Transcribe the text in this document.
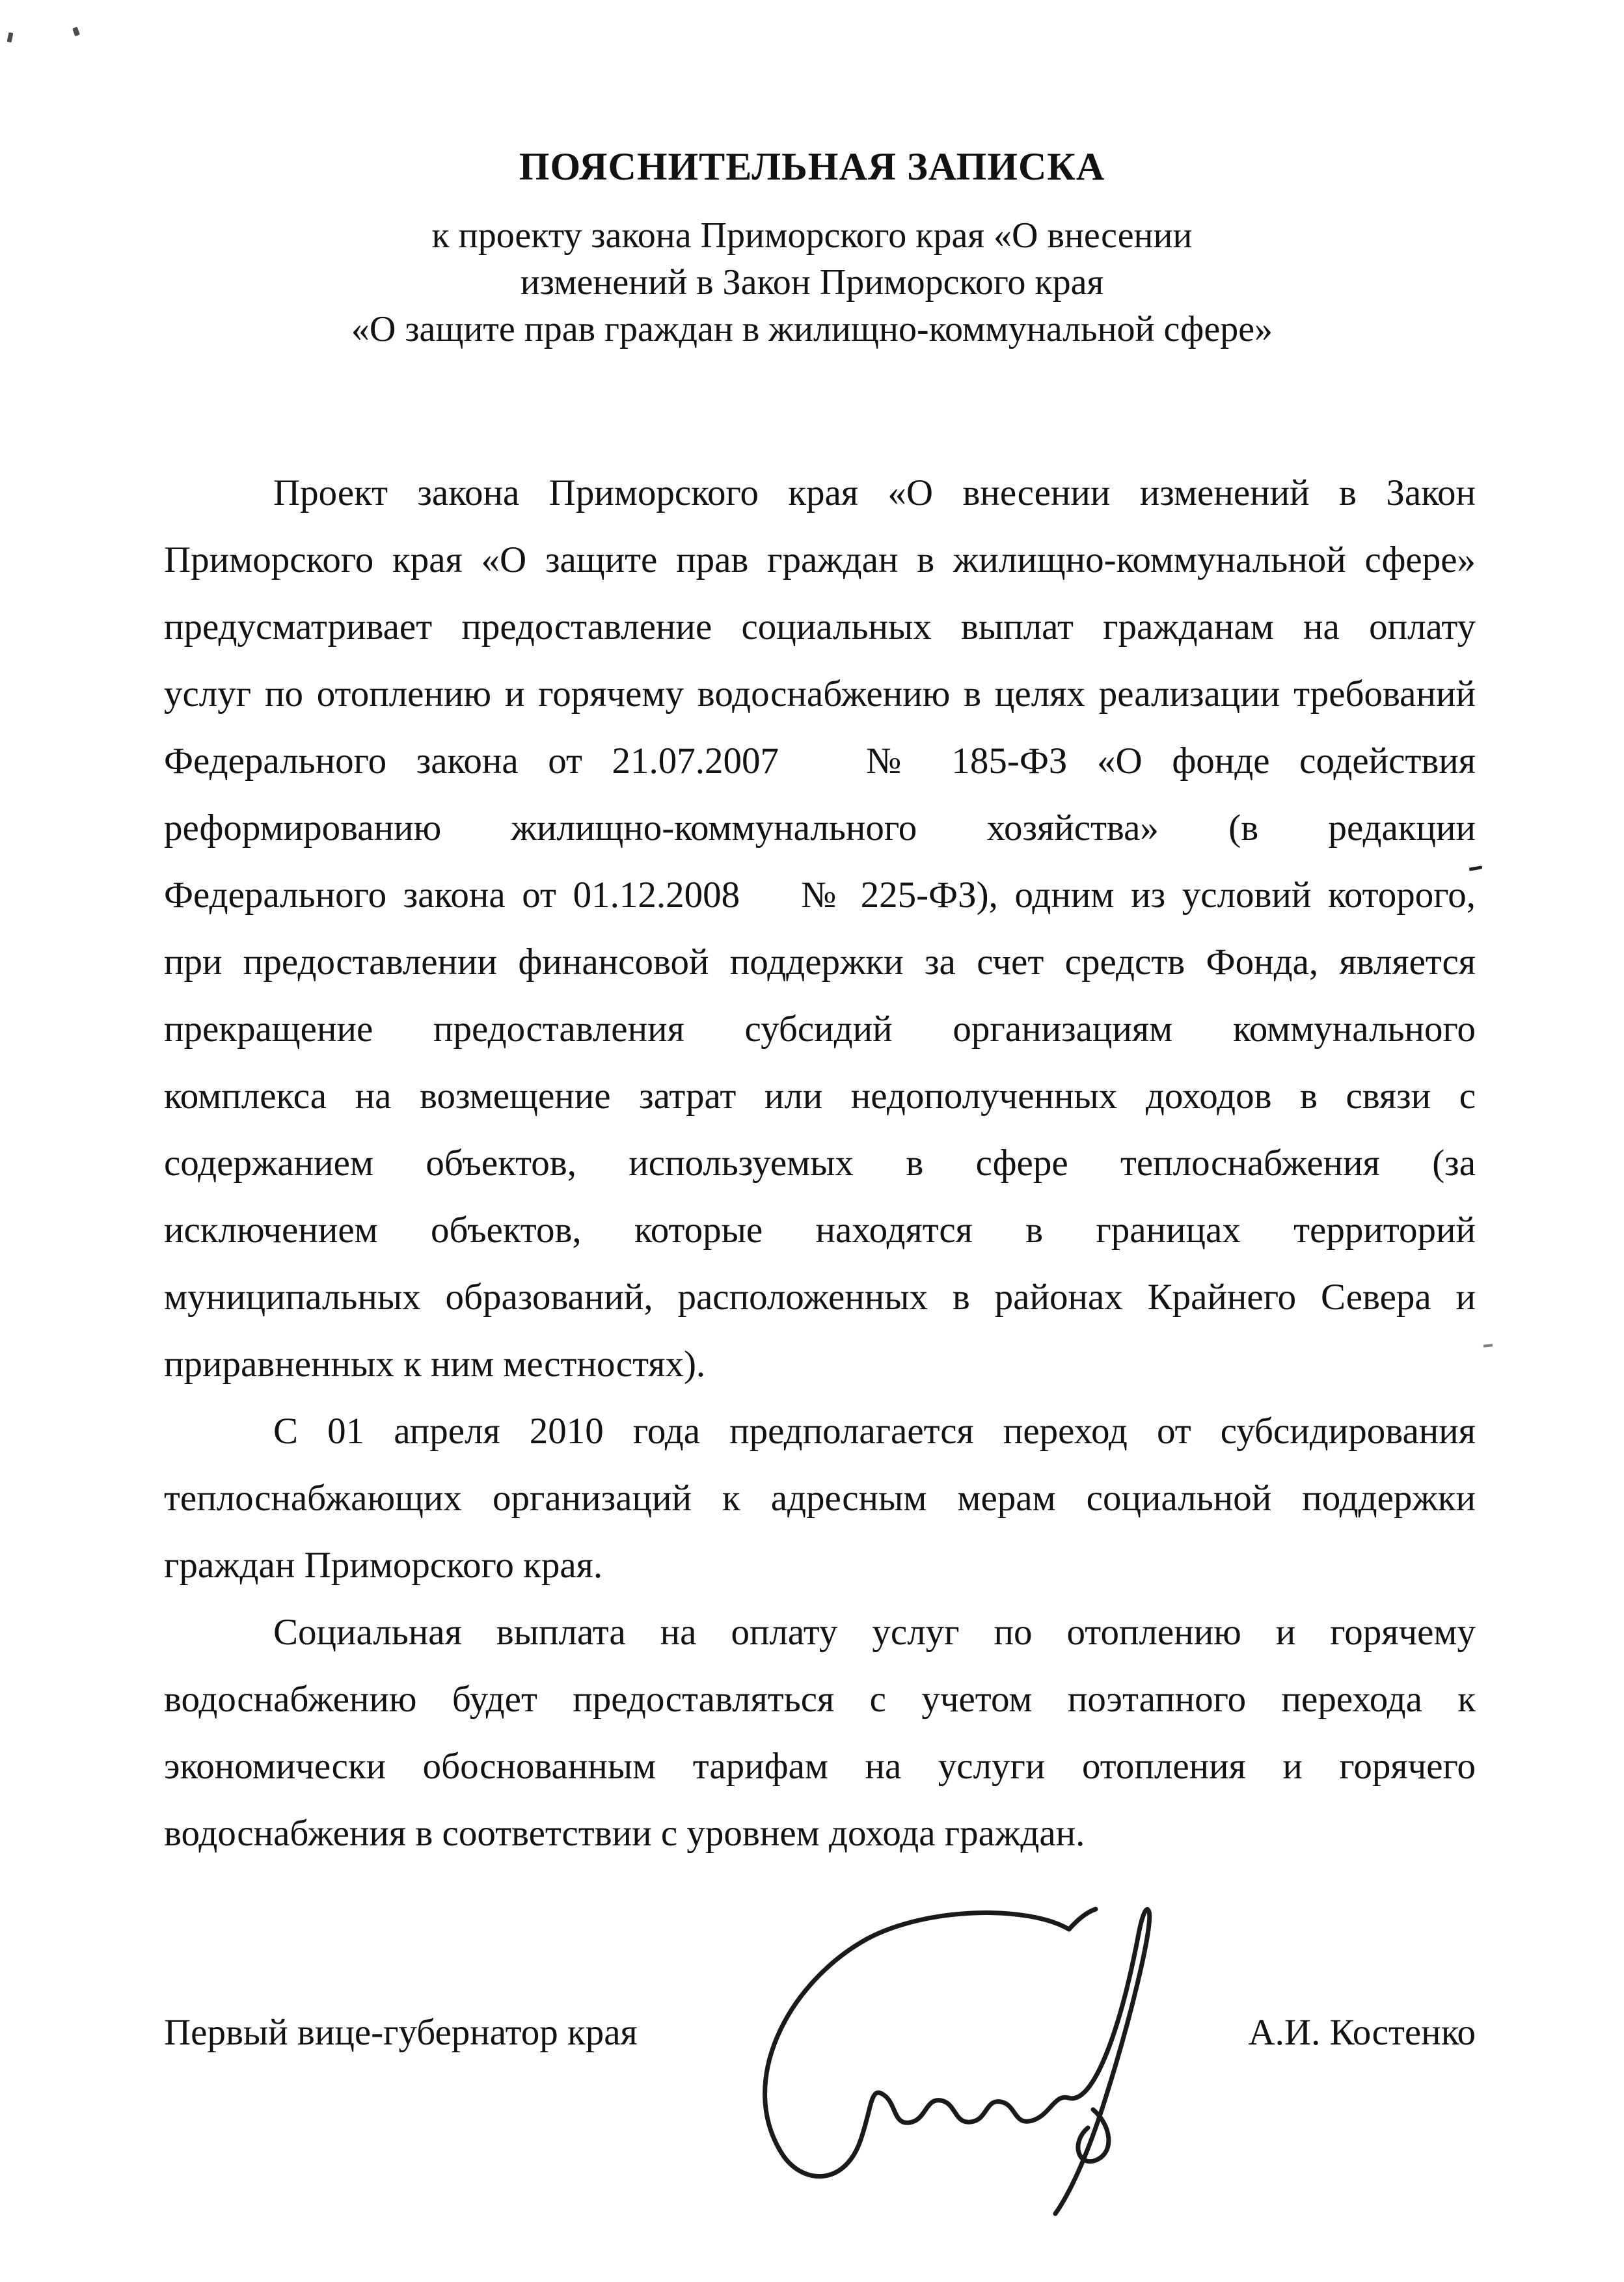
ПОЯСНИТЕЛЬНАЯ ЗАПИСКА
к проекту закона Приморского края «О внесении
изменений в Закон Приморского края
«О защите прав граждан в жилищно-коммунальной сфере»
Проект закона Приморского края «О внесении изменений в Закон
Приморского края «О защите прав граждан в жилищно-коммунальной сфере»
предусматривает предоставление социальных выплат гражданам на оплату
услуг по отоплению и горячему водоснабжению в целях реализации требований
Федерального закона от 21.07.2007  № 185-ФЗ «О фонде содействия
реформированию жилищно-коммунального хозяйства» (в редакции
Федерального закона от 01.12.2008  № 225-ФЗ), одним из условий которого,
при предоставлении финансовой поддержки за счет средств Фонда, является
прекращение предоставления субсидий организациям коммунального
комплекса на возмещение затрат или недополученных доходов в связи с
содержанием объектов, используемых в сфере теплоснабжения (за
исключением объектов, которые находятся в границах территорий
муниципальных образований, расположенных в районах Крайнего Севера и
приравненных к ним местностях).
С 01 апреля 2010 года предполагается переход от субсидирования
теплоснабжающих организаций к адресным мерам социальной поддержки
граждан Приморского края.
Социальная выплата на оплату услуг по отоплению и горячему
водоснабжению будет предоставляться с учетом поэтапного перехода к
экономически обоснованным тарифам на услуги отопления и горячего
водоснабжения в соответствии с уровнем дохода граждан.
Первый вице-губернатор края	А.И. Костенко
